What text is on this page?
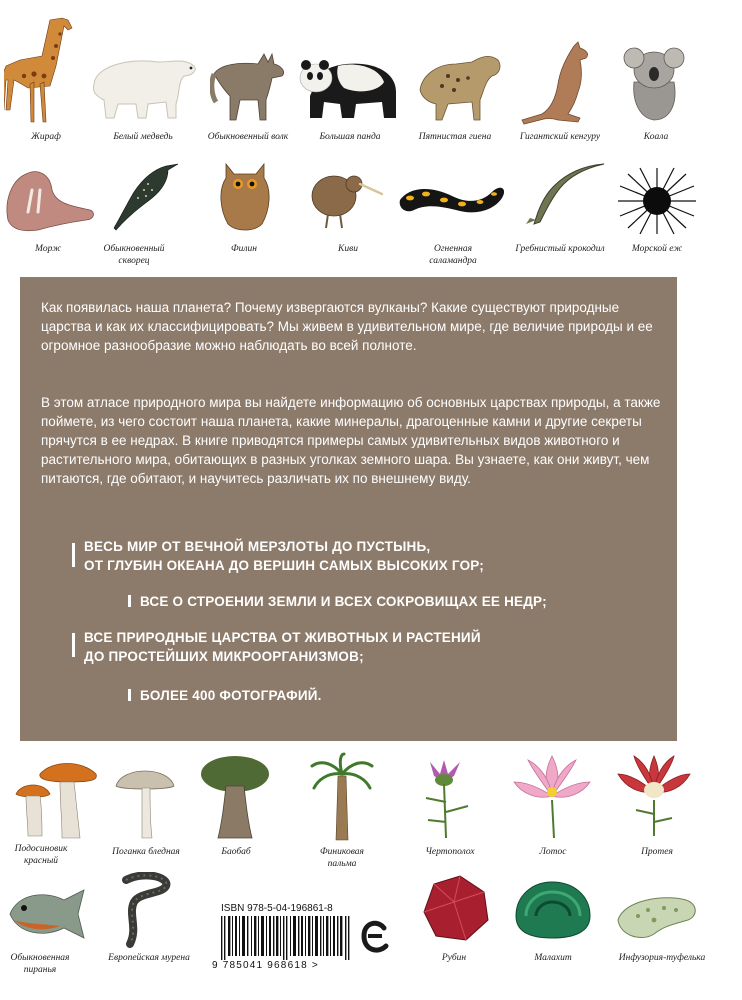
Жираф	Белый медведь	Обыкновенный волк	Большая панда	Пятнистая гиена	Гигантский кенгуру	Коала
Морж	Обыкновенный скворец
Филин	Киви	Огненная саламандра
Гребнистый крокодил	Морской еж
Как появилась наша планета? Почему извергаются вулканы? Какие существуют природные царства и как их классифицировать? Мы живем в удивительном мире, где величие природы и ее огромное разнообразие можно наблюдать во всей полноте.
В этом атласе природного мира вы найдете информацию об основных царствах природы, а также поймете, из чего состоит наша планета, какие минералы, драгоценные камни и другие секреты прячутся в ее недрах. В книге приводятся примеры самых удивительных видов животного и растительного мира, обитающих в разных уголках земного шара. Вы узнаете, как они живут, чем питаются, где обитают, и научитесь различать их по внешнему виду.
ВЕСЬ МИР ОТ ВЕЧНОЙ МЕРЗЛОТЫ ДО ПУСТЫНЬ,
ОТ ГЛУБИН ОКЕАНА ДО ВЕРШИН САМЫХ ВЫСОКИХ ГОР;
ВСЕ О СТРОЕНИИ ЗЕМЛИ И ВСЕХ СОКРОВИЩАХ ЕЕ НЕДР;
ВСЕ ПРИРОДНЫЕ ЦАРСТВА ОТ ЖИВОТНЫХ И РАСТЕНИЙ
ДО ПРОСТЕЙШИХ МИКРООРГАНИЗМОВ;
БОЛЕЕ 400 ФОТОГРАФИЙ.
Подосиновик красный
Поганка бледная	Баобаб	Финиковая пальма
Чертополох	Лотос	Протея
ISBN 978-5-04-196861-8
9 785041 968618 >
Обыкновенная пиранья
Европейская мурена	Рубин	Малахит	Инфузория-туфелька
